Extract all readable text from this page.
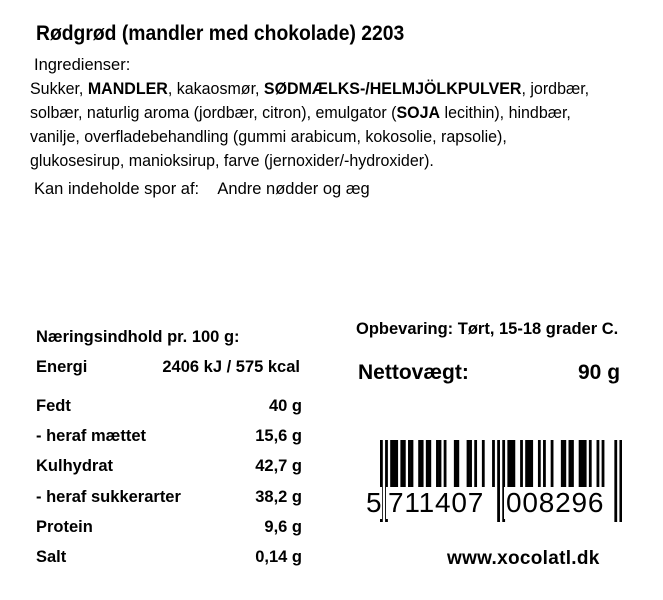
Rødgrød (mandler med chokolade) 2203
Ingredienser:
Sukker, MANDLER, kakaosmør, SØDMÆLKS-/HELMJÖLKPULVER, jordbær,
solbær, naturlig aroma (jordbær, citron), emulgator (SOJA lecithin), hindbær,
vanilje, overfladebehandling (gummi arabicum, kokosolie, rapsolie),
glukosesirup, manioksirup, farve (jernoxider/-hydroxider).
Kan indeholde spor af: Andre nødder og æg
Næringsindhold pr. 100 g:
Energi	2406 kJ / 575 kcal
Fedt	40 g
- heraf mættet	15,6 g
Kulhydrat	42,7 g
- heraf sukkerarter	38,2 g
Protein	9,6 g
Salt	0,14 g
Opbevaring: Tørt, 15-18 grader C.
Nettovægt:	90 g
5 711407 008296
www.xocolatl.dk
